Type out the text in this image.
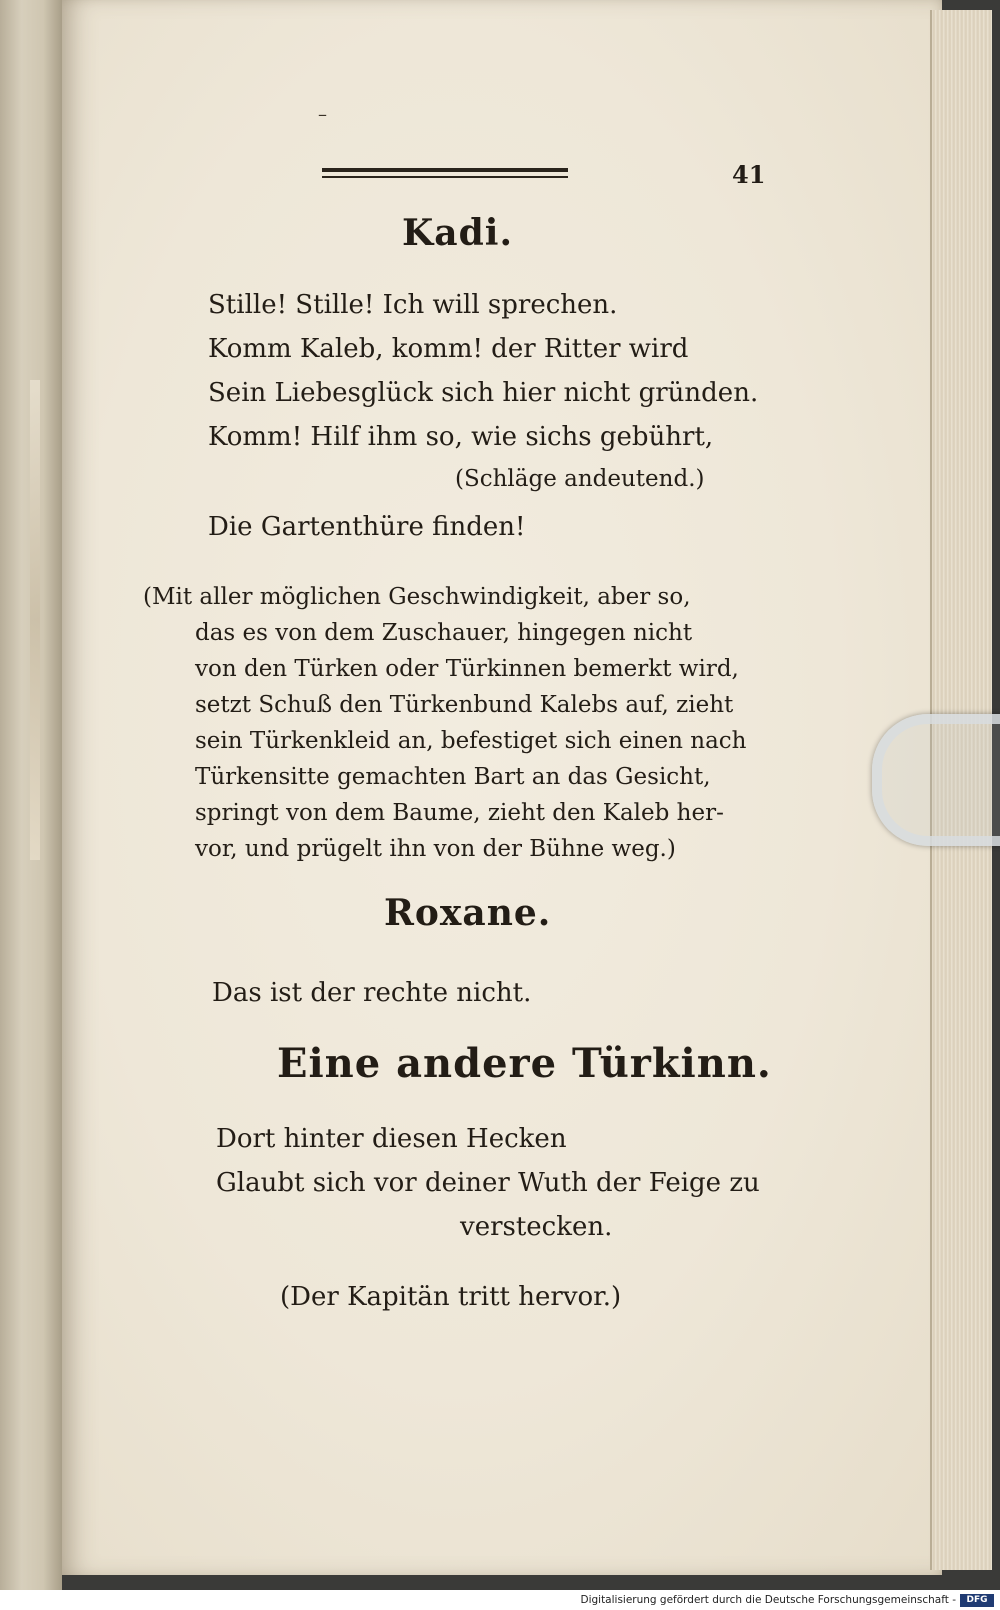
–
41
Kadi.
Stille! Stille! Ich will sprechen.
Komm Kaleb, komm! der Ritter wird
Sein Liebesglück sich hier nicht gründen.
Komm! Hilf ihm so, wie sichs gebührt,
(Schläge andeutend.)
Die Gartenthüre finden!
(Mit aller möglichen Geschwindigkeit, aber so,
das es von dem Zuschauer, hingegen nicht
von den Türken oder Türkinnen bemerkt wird,
setzt Schuß den Türkenbund Kalebs auf, zieht
sein Türkenkleid an, befestiget sich einen nach
Türkensitte gemachten Bart an das Gesicht,
springt von dem Baume, zieht den Kaleb her-
vor, und prügelt ihn von der Bühne weg.)
Roxane.
Das ist der rechte nicht.
Eine andere Türkinn.
Dort hinter diesen Hecken
Glaubt sich vor deiner Wuth der Feige zu
verstecken.
(Der Kapitän tritt hervor.)
Digitalisierung gefördert durch die Deutsche Forschungsgemeinschaft -	DFG
